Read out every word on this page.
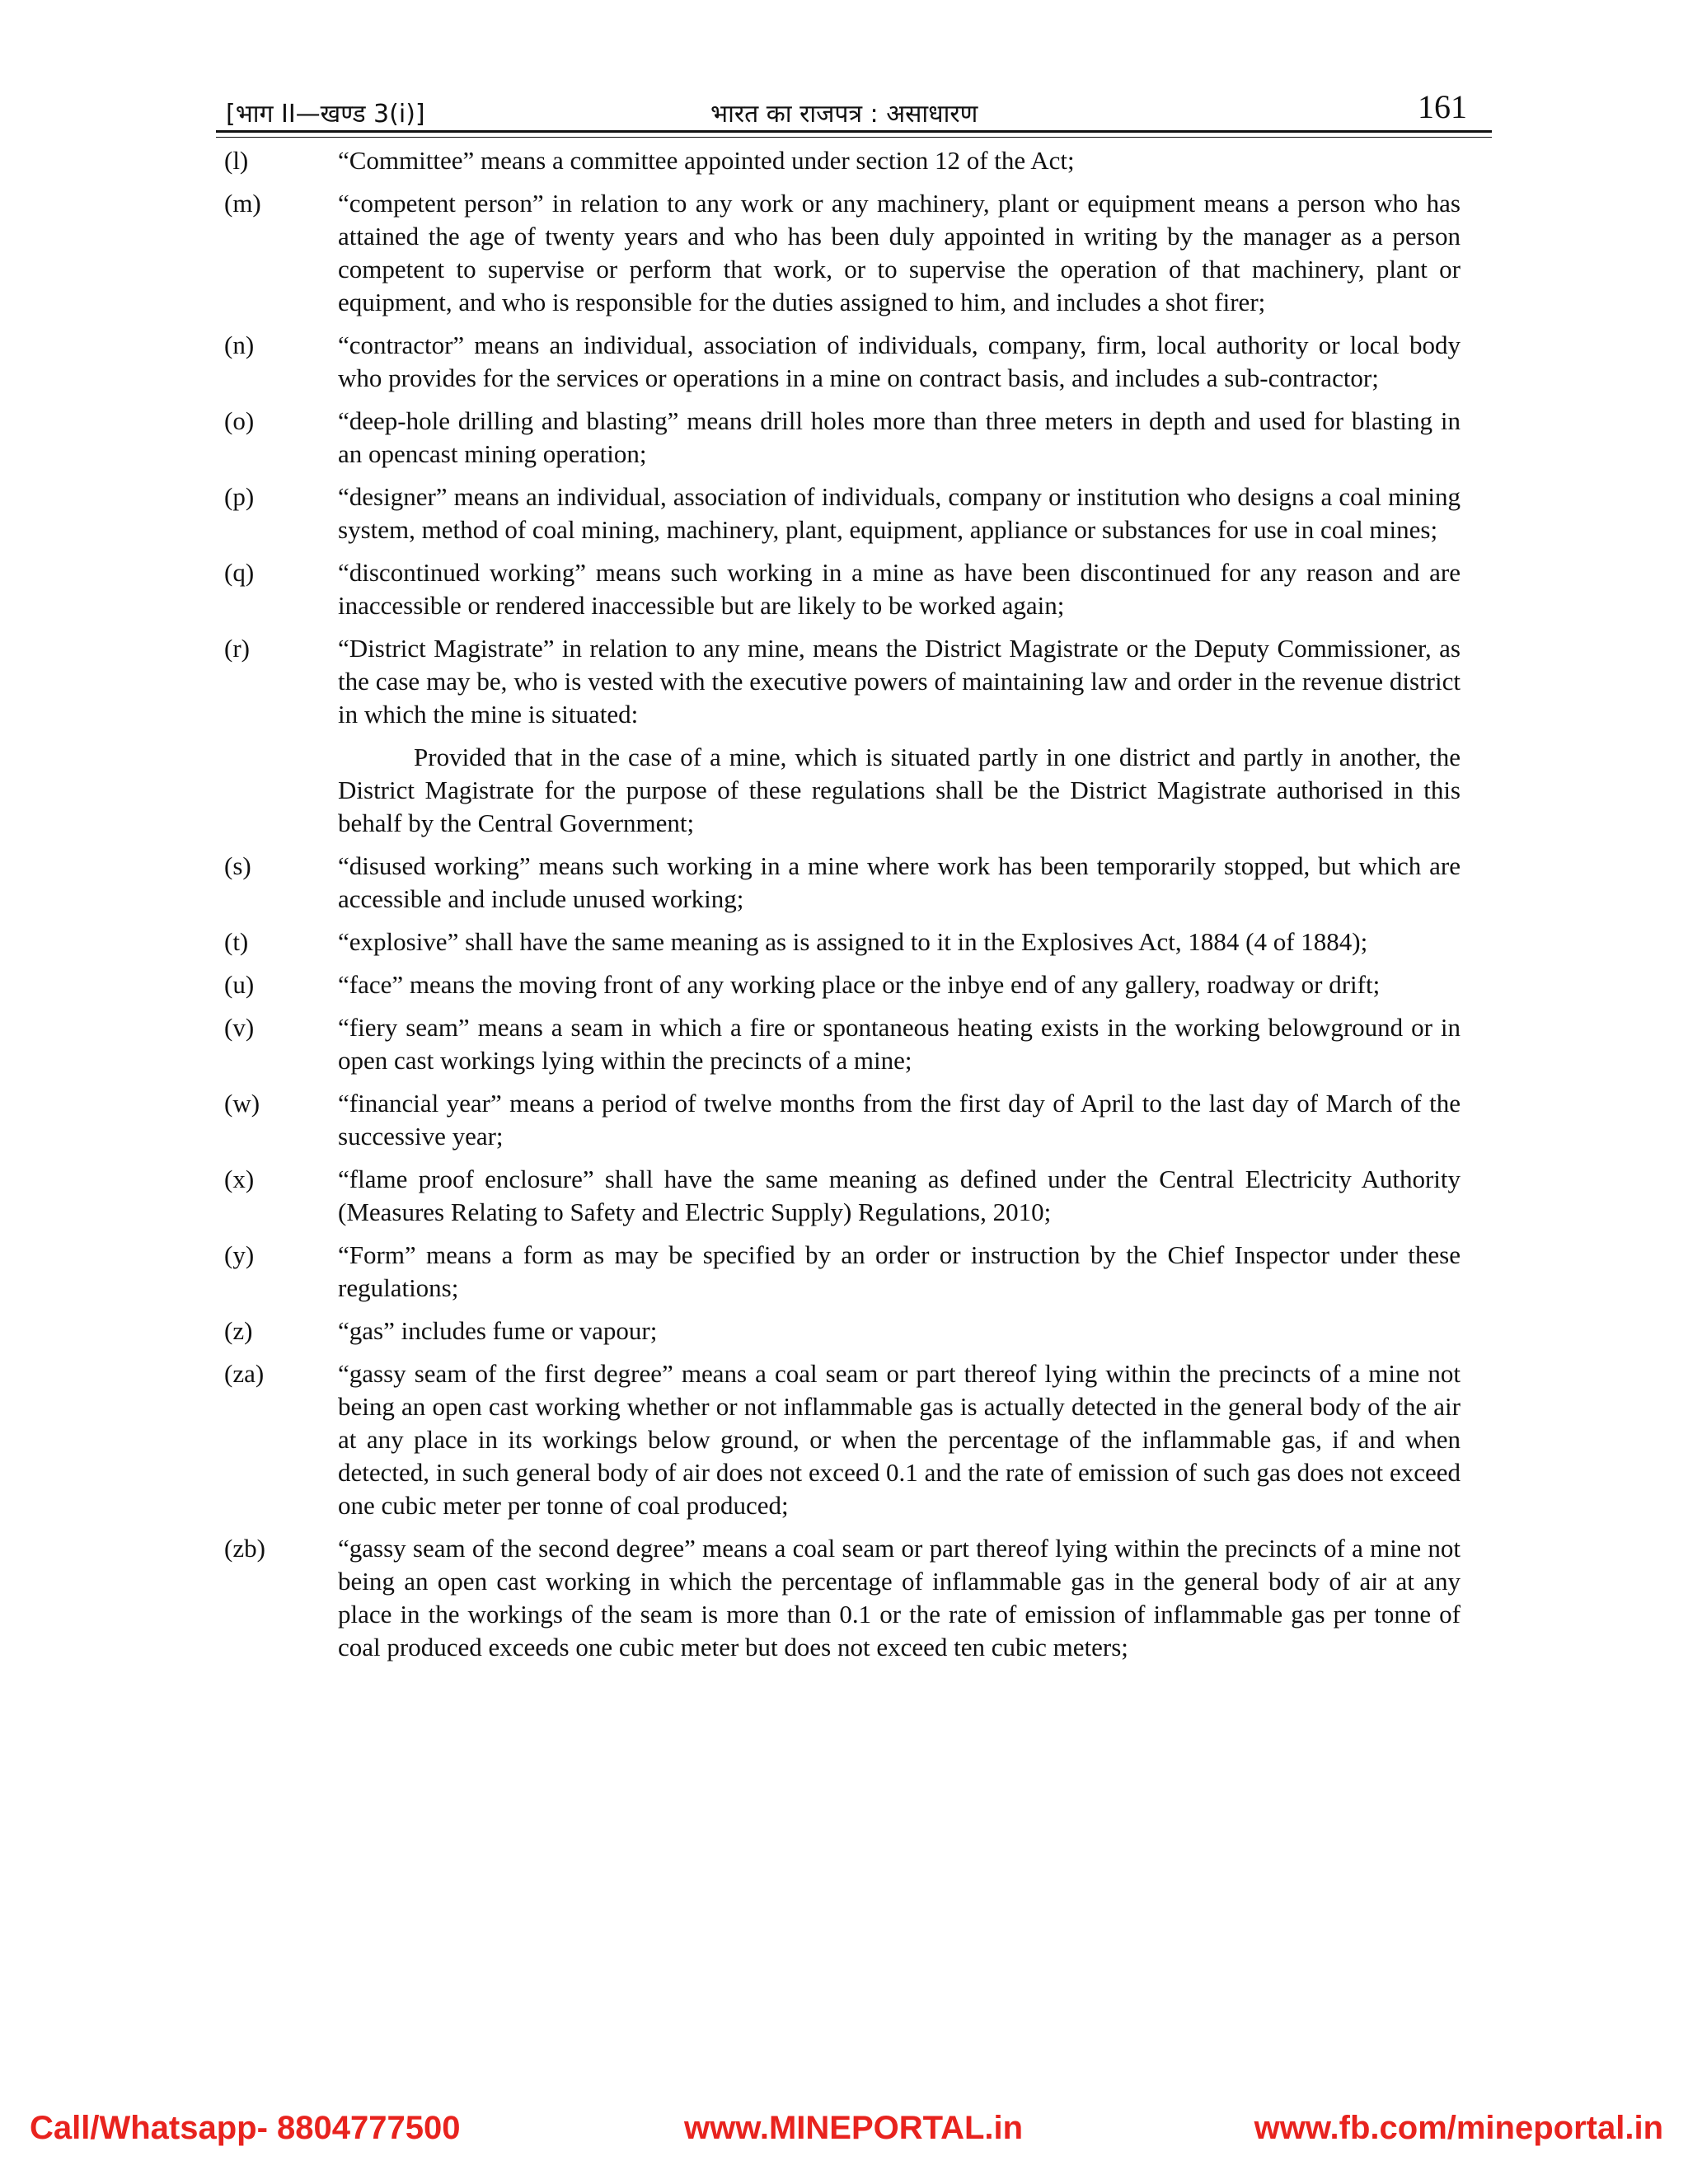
[भाग II—खण्ड 3(i)]	भारत का राजपत्र : असाधारण	161
(l)	“Committee” means a committee appointed under section 12 of the Act;
(m)	“competent person” in relation to any work or any machinery, plant or equipment means a person who has attained the age of twenty years and who has been duly appointed in writing by the manager as a person competent to supervise or perform that work, or to supervise the operation of that machinery, plant or equipment, and who is responsible for the duties assigned to him, and includes a shot firer;
(n)	“contractor” means an individual, association of individuals, company, firm, local authority or local body who provides for the services or operations in a mine on contract basis, and includes a sub-contractor;
(o)	“deep-hole drilling and blasting” means drill holes more than three meters in depth and used for blasting in an opencast mining operation;
(p)	“designer” means an individual, association of individuals, company or institution who designs a coal mining system, method of coal mining, machinery, plant, equipment, appliance or substances for use in coal mines;
(q)	“discontinued working” means such working in a mine as have been discontinued for any reason and are inaccessible or rendered inaccessible but are likely to be worked again;
(r)	“District Magistrate” in relation to any mine, means the District Magistrate or the Deputy Commissioner, as the case may be, who is vested with the executive powers of maintaining law and order in the revenue district in which the mine is situated:
Provided that in the case of a mine, which is situated partly in one district and partly in another, the District Magistrate for the purpose of these regulations shall be the District Magistrate authorised in this behalf by the Central Government;
(s)	“disused working” means such working in a mine where work has been temporarily stopped, but which are accessible and include unused working;
(t)	“explosive” shall have the same meaning as is assigned to it in the Explosives Act, 1884 (4 of 1884);
(u)	“face” means the moving front of any working place or the inbye end of any gallery, roadway or drift;
(v)	“fiery seam” means a seam in which a fire or spontaneous heating exists in the working belowground or in open cast workings lying within the precincts of a mine;
(w)	“financial year” means a period of twelve months from the first day of April to the last day of March of the successive year;
(x)	“flame proof enclosure” shall have the same meaning as defined under the Central Electricity Authority (Measures Relating to Safety and Electric Supply) Regulations, 2010;
(y)	“Form” means a form as may be specified by an order or instruction by the Chief Inspector under these regulations;
(z)	“gas” includes fume or vapour;
(za)	“gassy seam of the first degree” means a coal seam or part thereof lying within the precincts of a mine not being an open cast working whether or not inflammable gas is actually detected in the general body of the air at any place in its workings below ground, or when the percentage of the inflammable gas, if and when detected, in such general body of air does not exceed 0.1 and the rate of emission of such gas does not exceed one cubic meter per tonne of coal produced;
(zb)	“gassy seam of the second degree” means a coal seam or part thereof lying within the precincts of a mine not being an open cast working in which the percentage of inflammable gas in the general body of air at any place in the workings of the seam is more than 0.1 or the rate of emission of inflammable gas per tonne of coal produced exceeds one cubic meter but does not exceed ten cubic meters;
Call/Whatsapp- 8804777500	www.MINEPORTAL.in	www.fb.com/mineportal.in
